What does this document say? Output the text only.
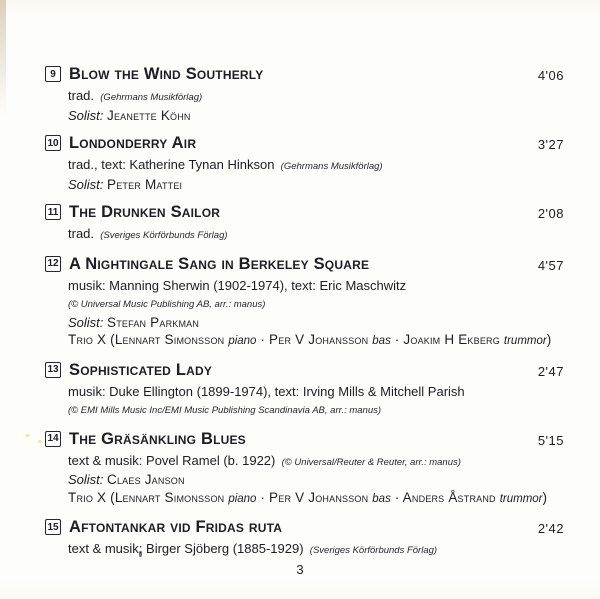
9 Blow the Wind Southerly	4'06
trad.  (Gehrmans Musikförlag)
Solist: Jeanette Köhn
10 Londonderry Air	3'27
trad., text: Katherine Tynan Hinkson  (Gehrmans Musikförlag)
Solist: Peter Mattei
11 The Drunken Sailor	2'08
trad.  (Sveriges Körförbunds Förlag)
12 A Nightingale Sang in Berkeley Square	4'57
musik: Manning Sherwin (1902-1974), text: Eric Maschwitz
(© Universal Music Publishing AB, arr.: manus)
Solist: Stefan Parkman
Trio X (Lennart Simonsson piano · Per V Johansson bas · Joakim H Ekberg trummor)
13 Sophisticated Lady	2'47
musik: Duke Ellington (1899-1974), text: Irving Mills & Mitchell Parish
(© EMI Mills Music Inc/EMI Music Publishing Scandinavia AB, arr.: manus)
14 The Gräsänkling Blues	5'15
text & musik: Povel Ramel (b. 1922)  (© Universal/Reuter & Reuter, arr.: manus)
Solist: Claes Janson
Trio X (Lennart Simonsson piano · Per V Johansson bas · Anders Åstrand trummor)
15 Aftontankar vid Fridas ruta	2'42
text & musik: Birger Sjöberg (1885-1929)  (Sveriges Körförbunds Förlag)
3
